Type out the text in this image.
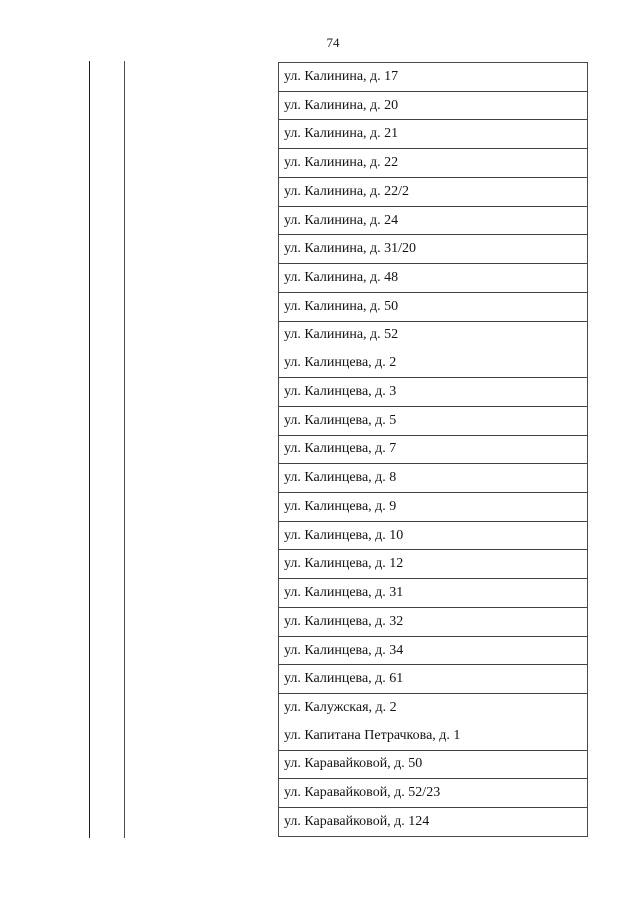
74
ул. Калинина, д. 17
ул. Калинина, д. 20
ул. Калинина, д. 21
ул. Калинина, д. 22
ул. Калинина, д. 22/2
ул. Калинина, д. 24
ул. Калинина, д. 31/20
ул. Калинина, д. 48
ул. Калинина, д. 50
ул. Калинина, д. 52
ул. Калинцева, д. 2
ул. Калинцева, д. 3
ул. Калинцева, д. 5
ул. Калинцева, д. 7
ул. Калинцева, д. 8
ул. Калинцева, д. 9
ул. Калинцева, д. 10
ул. Калинцева, д. 12
ул. Калинцева, д. 31
ул. Калинцева, д. 32
ул. Калинцева, д. 34
ул. Калинцева, д. 61
ул. Калужская, д. 2
ул. Капитана Петрачкова, д. 1
ул. Каравайковой, д. 50
ул. Каравайковой, д. 52/23
ул. Каравайковой, д. 124
